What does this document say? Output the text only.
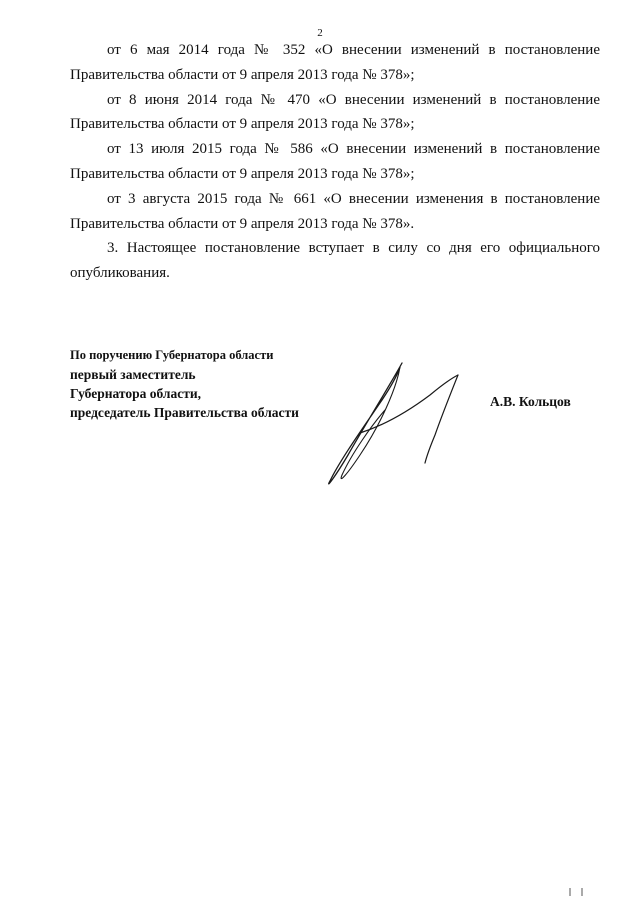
2

от 6 мая 2014 года № 352 «О внесении изменений в постановление Правительства области от 9 апреля 2013 года № 378»;

от 8 июня 2014 года № 470 «О внесении изменений в постановление Правительства области от 9 апреля 2013 года № 378»;

от 13 июля 2015 года № 586 «О внесении изменений в постановление Правительства области от 9 апреля 2013 года № 378»;

от 3 августа 2015 года № 661 «О внесении изменения в постановление Правительства области от 9 апреля 2013 года № 378».

3. Настоящее постановление вступает в силу со дня его официального опубликования.

По поручению Губернатора области
первый заместитель
Губернатора области,
председатель Правительства области
А.В. Кольцов
